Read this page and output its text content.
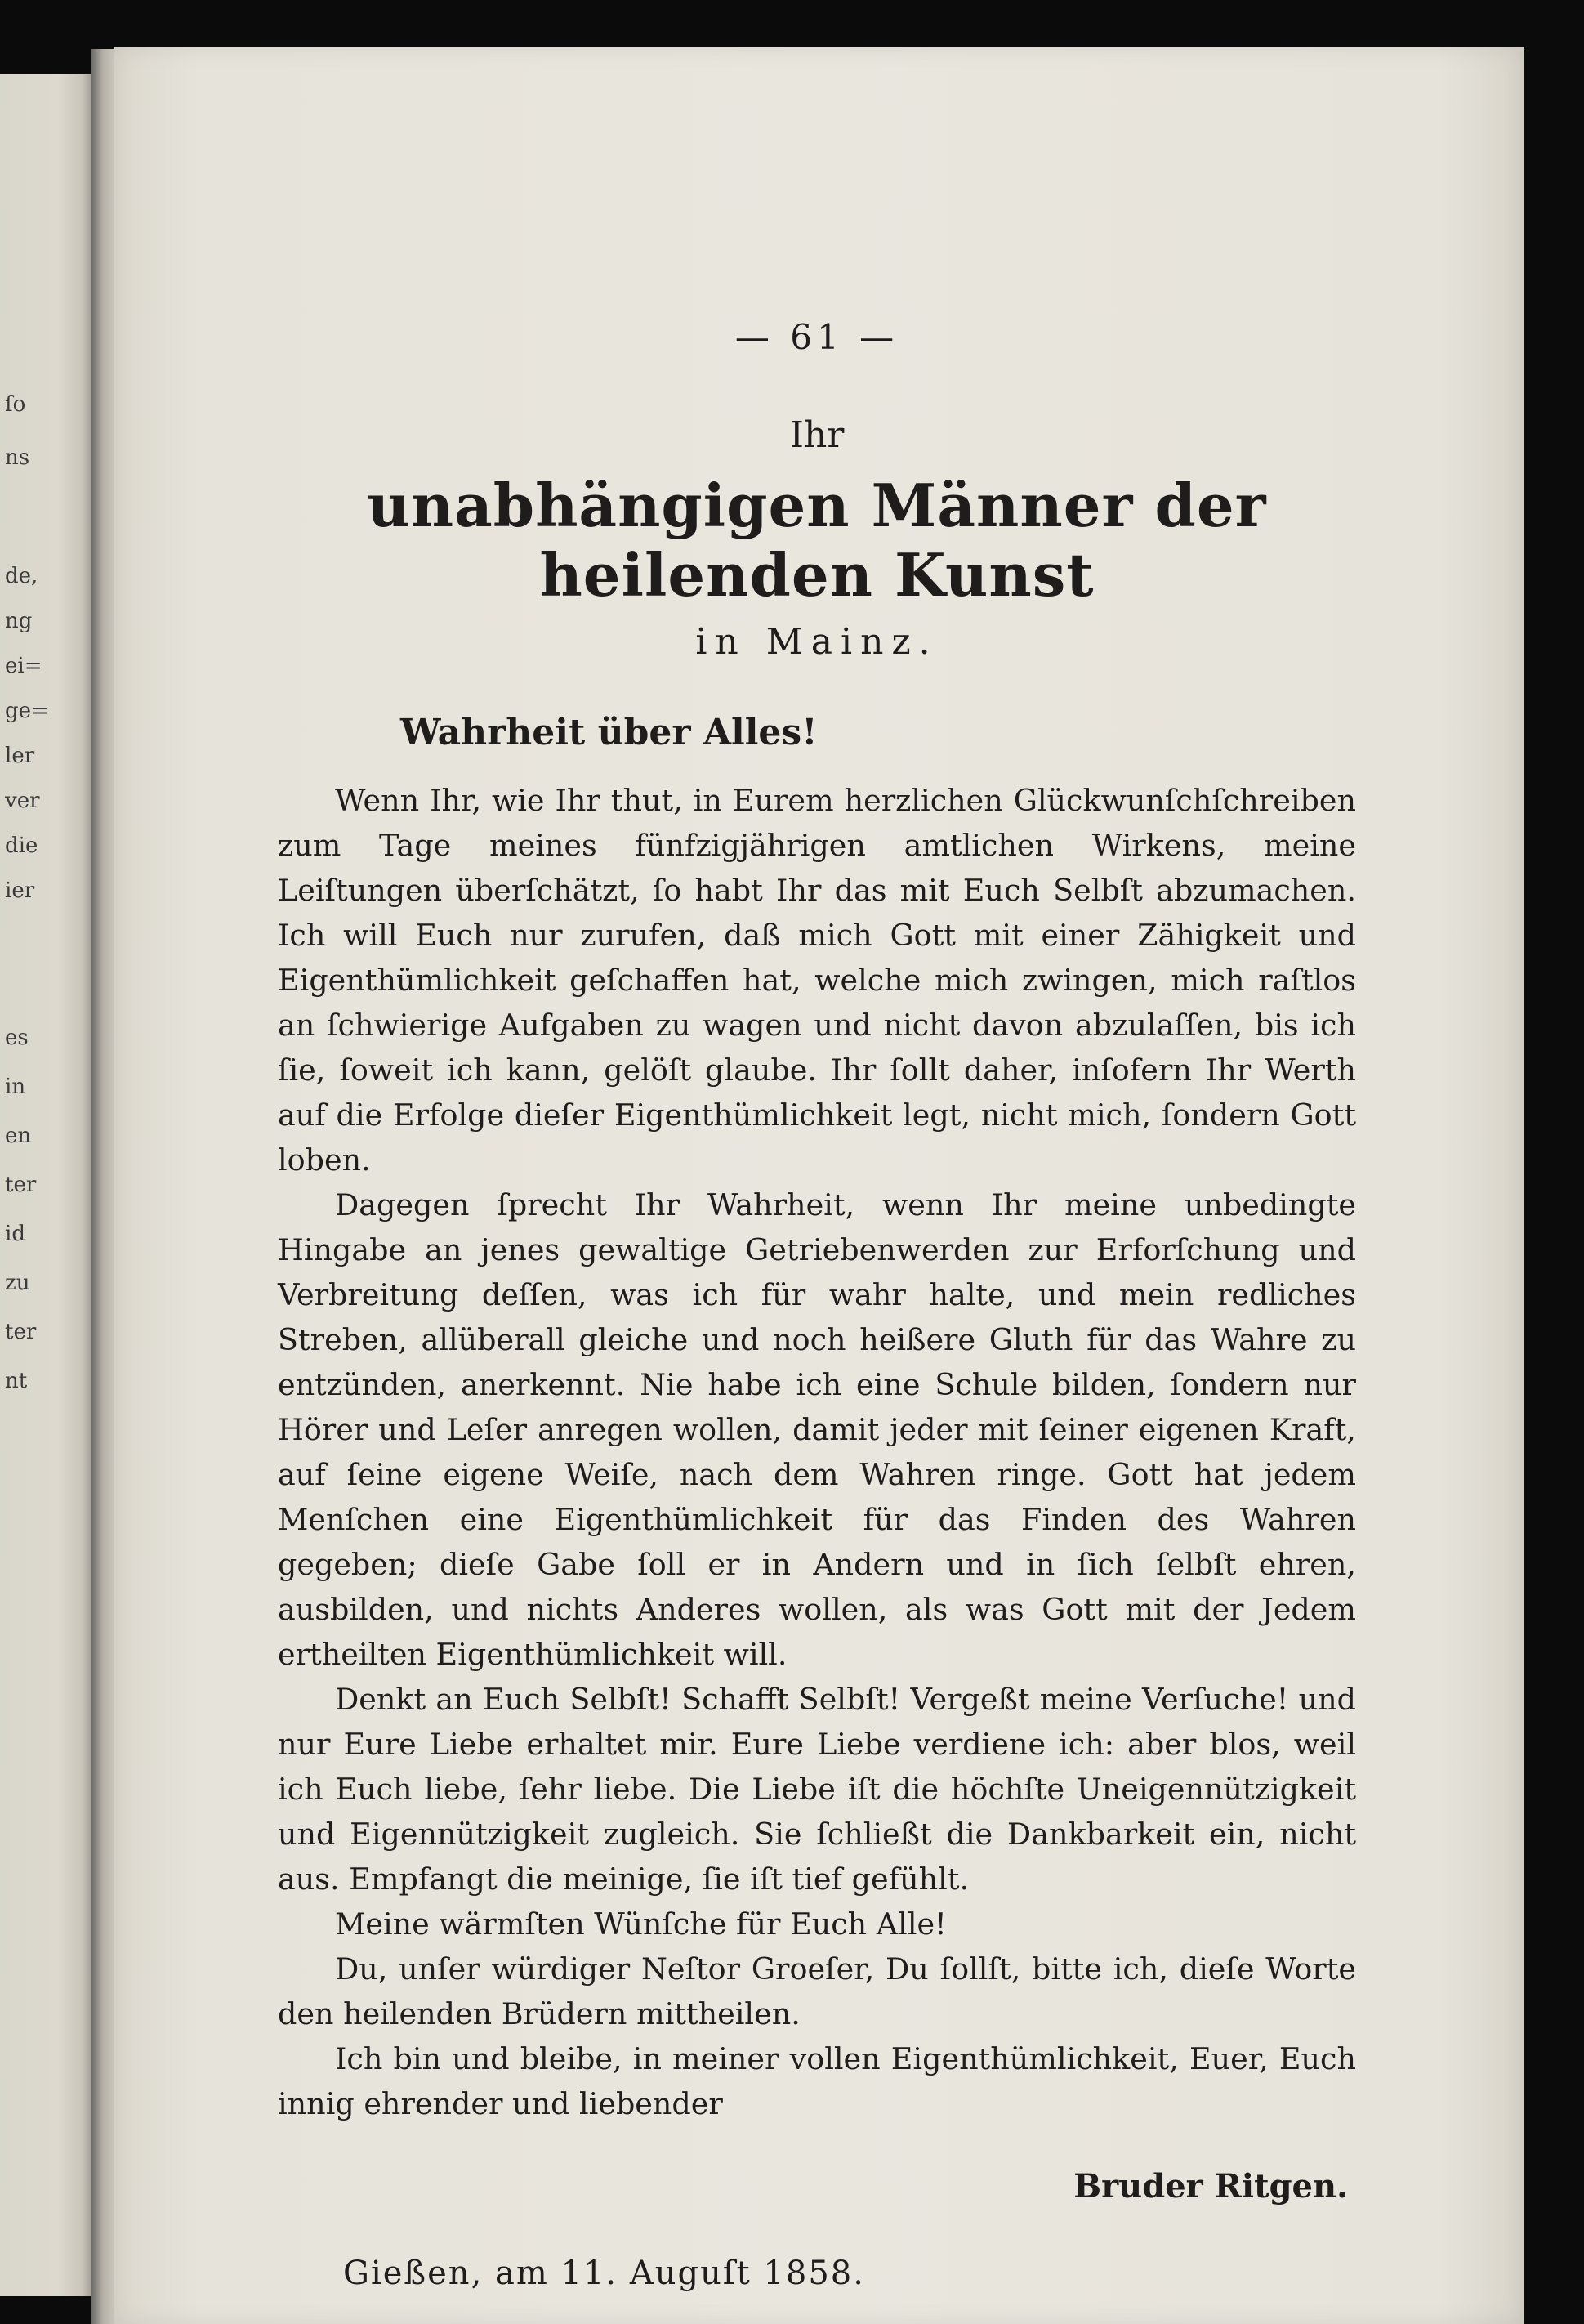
ſo
ns
de,
ng
ei=
ge=
ler
ver
die
ier
es
in
en
ter
id
zu
ter
nt
— 61 —
Ihr
unabhängigen Männer der heilenden Kunst
in Mainz.
Wahrheit über Alles!

Wenn Ihr, wie Ihr thut, in Eurem herzlichen Glückwunſchſchreiben zum Tage meines fünfzigjährigen amtlichen Wirkens, meine Leiſtungen überſchätzt, ſo habt Ihr das mit Euch Selbſt abzumachen. Ich will Euch nur zurufen, daß mich Gott mit einer Zähigkeit und Eigenthümlichkeit geſchaffen hat, welche mich zwingen, mich raſtlos an ſchwierige Aufgaben zu wagen und nicht davon abzulaſſen, bis ich ſie, ſoweit ich kann, gelöſt glaube. Ihr ſollt daher, inſofern Ihr Werth auf die Erfolge dieſer Eigenthümlichkeit legt, nicht mich, ſondern Gott loben.

Dagegen ſprecht Ihr Wahrheit, wenn Ihr meine unbedingte Hingabe an jenes gewaltige Getriebenwerden zur Erforſchung und Verbreitung deſſen, was ich für wahr halte, und mein redliches Streben, allüberall gleiche und noch heißere Gluth für das Wahre zu entzünden, anerkennt. Nie habe ich eine Schule bilden, ſondern nur Hörer und Leſer anregen wollen, damit jeder mit ſeiner eigenen Kraft, auf ſeine eigene Weiſe, nach dem Wahren ringe. Gott hat jedem Menſchen eine Eigenthümlichkeit für das Finden des Wahren gegeben; dieſe Gabe ſoll er in Andern und in ſich ſelbſt ehren, ausbilden, und nichts Anderes wollen, als was Gott mit der Jedem ertheilten Eigenthümlichkeit will.

Denkt an Euch Selbſt! Schafft Selbſt! Vergeßt meine Verſuche! und nur Eure Liebe erhaltet mir. Eure Liebe verdiene ich: aber blos, weil ich Euch liebe, ſehr liebe. Die Liebe iſt die höchſte Uneigennützigkeit und Eigennützigkeit zugleich. Sie ſchließt die Dankbarkeit ein, nicht aus. Empfangt die meinige, ſie iſt tief gefühlt.

Meine wärmſten Wünſche für Euch Alle!

Du, unſer würdiger Neſtor Groeſer, Du ſollſt, bitte ich, dieſe Worte den heilenden Brüdern mittheilen.

Ich bin und bleibe, in meiner vollen Eigenthümlichkeit, Euer, Euch innig ehrender und liebender

Bruder Ritgen.
Gießen, am 11. Auguſt 1858.
